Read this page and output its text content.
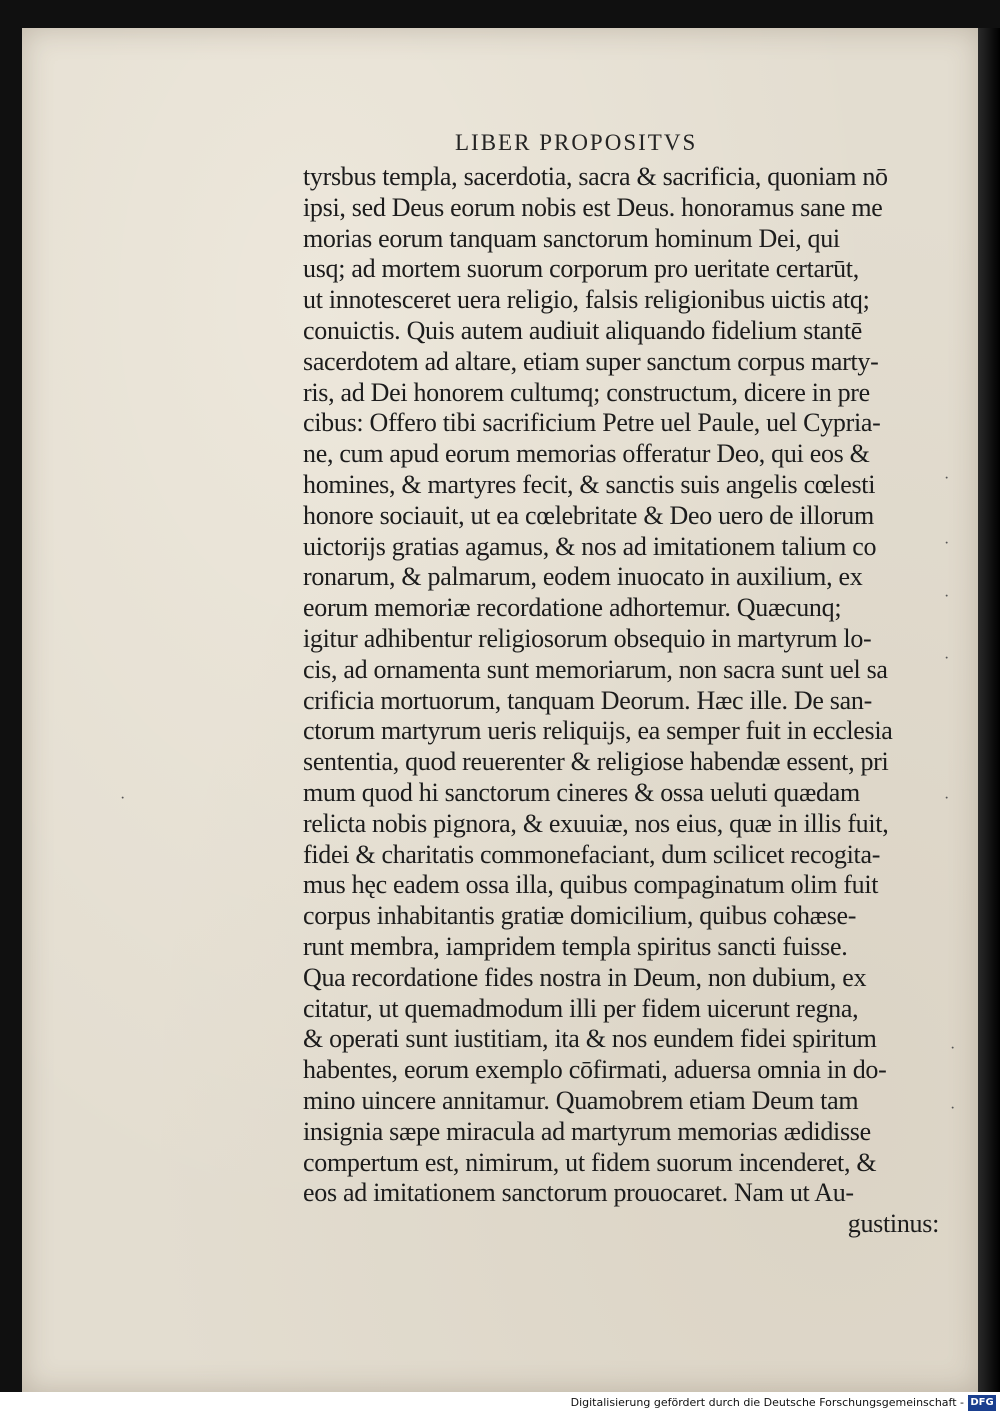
LIBER PROPOSITVS
tyrsbus templa, sacerdotia, sacra & sacrificia, quoniam nō
ipsi, sed Deus eorum nobis est Deus. honoramus sane me
morias eorum tanquam sanctorum hominum Dei, qui
usq; ad mortem suorum corporum pro ueritate certarūt,
ut innotesceret uera religio, falsis religionibus uictis atq;
conuictis. Quis autem audiuit aliquando fidelium stantē
sacerdotem ad altare, etiam super sanctum corpus marty-
ris, ad Dei honorem cultumq; constructum, dicere in pre
cibus: Offero tibi sacrificium Petre uel Paule, uel Cypria-
ne, cum apud eorum memorias offeratur Deo, qui eos &
homines, & martyres fecit, & sanctis suis angelis cœlesti
honore sociauit, ut ea cœlebritate & Deo uero de illorum
uictorijs gratias agamus, & nos ad imitationem talium co
ronarum, & palmarum, eodem inuocato in auxilium, ex
eorum memoriæ recordatione adhortemur. Quæcunq;
igitur adhibentur religiosorum obsequio in martyrum lo-
cis, ad ornamenta sunt memoriarum, non sacra sunt uel sa
crificia mortuorum, tanquam Deorum. Hæc ille. De san-
ctorum martyrum ueris reliquijs, ea semper fuit in ecclesia
sententia, quod reuerenter & religiose habendæ essent, pri
mum quod hi sanctorum cineres & ossa ueluti quædam
relicta nobis pignora, & exuuiæ, nos eius, quæ in illis fuit,
fidei & charitatis commonefaciant, dum scilicet recogita-
mus hęc eadem ossa illa, quibus compaginatum olim fuit
corpus inhabitantis gratiæ domicilium, quibus cohæse-
runt membra, iampridem templa spiritus sancti fuisse.
Qua recordatione fides nostra in Deum, non dubium, ex
citatur, ut quemadmodum illi per fidem uicerunt regna,
& operati sunt iustitiam, ita & nos eundem fidei spiritum
habentes, eorum exemplo cōfirmati, aduersa omnia in do-
mino uincere annitamur. Quamobrem etiam Deum tam
insignia sæpe miracula ad martyrum memorias ædidisse
compertum est, nimirum, ut fidem suorum incenderet, &
eos ad imitationem sanctorum prouocaret. Nam ut Au-
gustinus:
·
·
·
·
·
·
·
·
Digitalisierung gefördert durch die Deutsche Forschungsgemeinschaft - DFG
